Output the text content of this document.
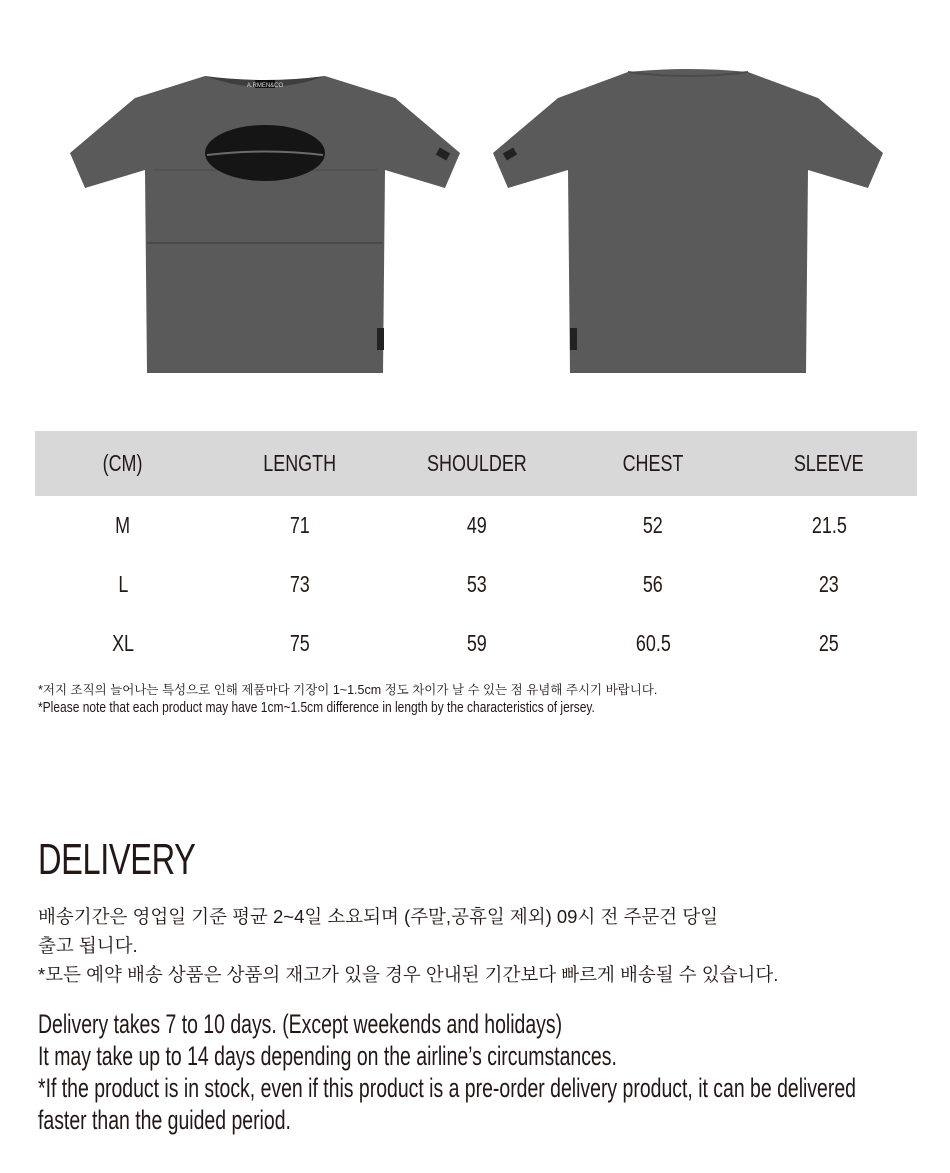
A.RMEN&CO
(CM)	LENGTH	SHOULDER	CHEST	SLEEVE
M	71	49	52	21.5
L	73	53	56	23
XL	75	59	60.5	25
*저지 조직의 늘어나는 특성으로 인해 제품마다 기장이 1~1.5cm 정도 차이가 날 수 있는 점 유념해 주시기 바랍니다.
*Please note that each product may have 1cm~1.5cm difference in length by the characteristics of jersey.
DELIVERY
배송기간은 영업일 기준 평균 2~4일 소요되며 (주말,공휴일 제외) 09시 전 주문건 당일
출고 됩니다.
*모든 예약 배송 상품은 상품의 재고가 있을 경우 안내된 기간보다 빠르게 배송될 수 있습니다.
Delivery takes 7 to 10 days. (Except weekends and holidays)
It may take up to 14 days depending on the airline’s circumstances.
*If the product is in stock, even if this product is a pre-order delivery product, it can be delivered
faster than the guided period.
